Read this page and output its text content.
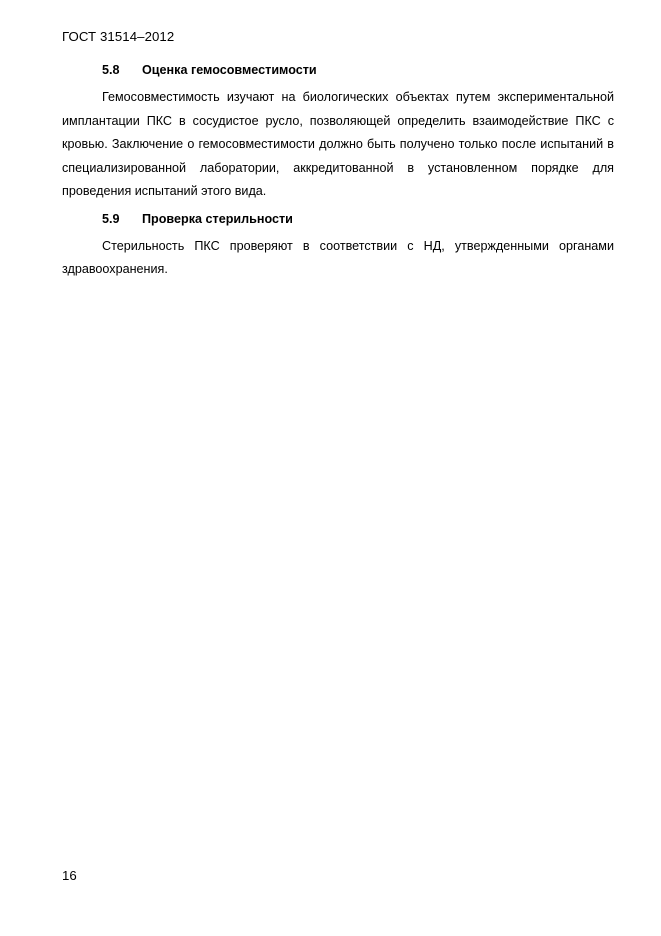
ГОСТ 31514–2012
5.8 Оценка гемосовместимости

Гемосовместимость изучают на биологических объектах путем экспериментальной имплантации ПКС в сосудистое русло, позволяющей определить взаимодействие ПКС с кровью. Заключение о гемосовместимости должно быть получено только после испытаний в специализированной лаборатории, аккредитованной в установленном порядке для проведения испытаний этого вида.

5.9 Проверка стерильности

Стерильность ПКС проверяют в соответствии с НД, утвержденными органами здравоохранения.

16
